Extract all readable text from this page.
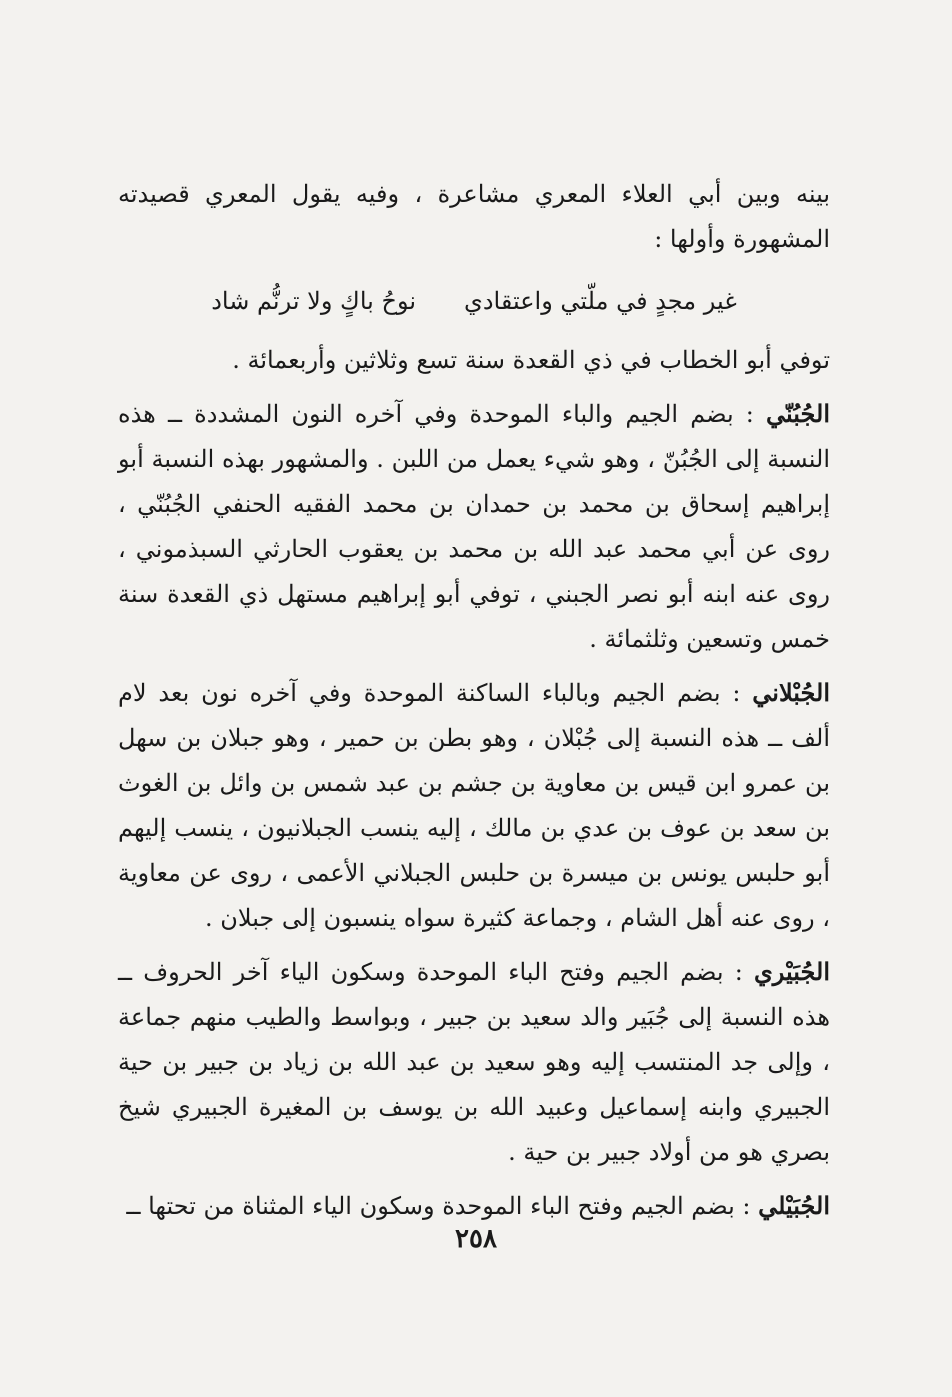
بينه وبين أبي العلاء المعري مشاعرة ، وفيه يقول المعري قصيدته المشهورة وأولها :

غير مجدٍ في ملّتي واعتقادي
نوحُ باكٍ ولا ترنُّم شاد

توفي أبو الخطاب في ذي القعدة سنة تسع وثلاثين وأربعمائة .

الجُبُنّي : بضم الجيم والباء الموحدة وفي آخره النون المشددة ــ هذه النسبة إلى الجُبُنّ ، وهو شيء يعمل من اللبن . والمشهور بهذه النسبة أبو إبراهيم إسحاق بن محمد بن حمدان بن محمد الفقيه الحنفي الجُبُنّي ، روى عن أبي محمد عبد الله بن محمد بن يعقوب الحارثي السبذموني ، روى عنه ابنه أبو نصر الجبني ، توفي أبو إبراهيم مستهل ذي القعدة سنة خمس وتسعين وثلثمائة .

الجُبْلاني : بضم الجيم وبالباء الساكنة الموحدة وفي آخره نون بعد لام ألف ــ هذه النسبة إلى جُبْلان ، وهو بطن بن حمير ، وهو جبلان بن سهل بن عمرو ابن قيس بن معاوية بن جشم بن عبد شمس بن وائل بن الغوث بن سعد بن عوف بن عدي بن مالك ، إليه ينسب الجبلانيون ، ينسب إليهم أبو حلبس يونس بن ميسرة بن حلبس الجبلاني الأعمى ، روى عن معاوية ، روى عنه أهل الشام ، وجماعة كثيرة سواه ينسبون إلى جبلان .

الجُبَيْري : بضم الجيم وفتح الباء الموحدة وسكون الياء آخر الحروف ــ هذه النسبة إلى جُبَير والد سعيد بن جبير ، وبواسط والطيب منهم جماعة ، وإلى جد المنتسب إليه وهو سعيد بن عبد الله بن زياد بن جبير بن حية الجبيري وابنه إسماعيل وعبيد الله بن يوسف بن المغيرة الجبيري شيخ بصري هو من أولاد جبير بن حية .

الجُبَيْلي : بضم الجيم وفتح الباء الموحدة وسكون الياء المثناة من تحتها ــ

٢٥٨
